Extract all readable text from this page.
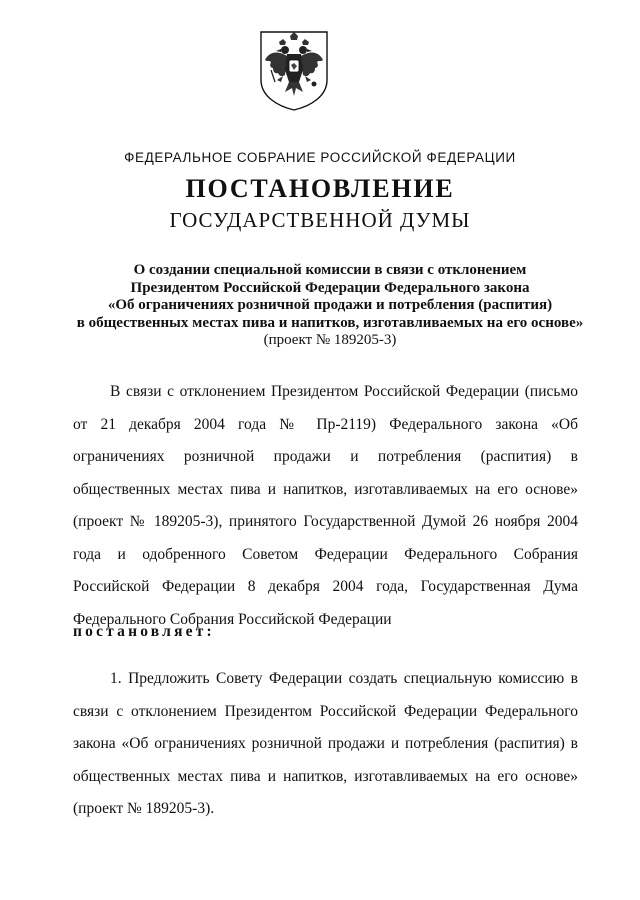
ФЕДЕРАЛЬНОЕ СОБРАНИЕ РОССИЙСКОЙ ФЕДЕРАЦИИ
ПОСТАНОВЛЕНИЕ
ГОСУДАРСТВЕННОЙ ДУМЫ
О создании специальной комиссии в связи с отклонением
Президентом Российской Федерации Федерального закона
«Об ограничениях розничной продажи и потребления (распития)
в общественных местах пива и напитков, изготавливаемых на его основе»
(проект № 189205-3)

В связи с отклонением Президентом Российской Федерации (письмо от 21 декабря 2004 года № Пр-2119) Федерального закона «Об ограничениях розничной продажи и потребления (распития) в общественных местах пива и напитков, изготавливаемых на его основе» (проект № 189205-3), принятого Государственной Думой 26 ноября 2004 года и одобренного Советом Федерации Федерального Собрания Российской Федерации 8 декабря 2004 года, Государственная Дума Федерального Собрания Российской Федерации

постановляет:

1. Предложить Совету Федерации создать специальную комиссию в связи с отклонением Президентом Российской Федерации Федерального закона «Об ограничениях розничной продажи и потребления (распития) в общественных местах пива и напитков, изготавливаемых на его основе» (проект № 189205-3).
